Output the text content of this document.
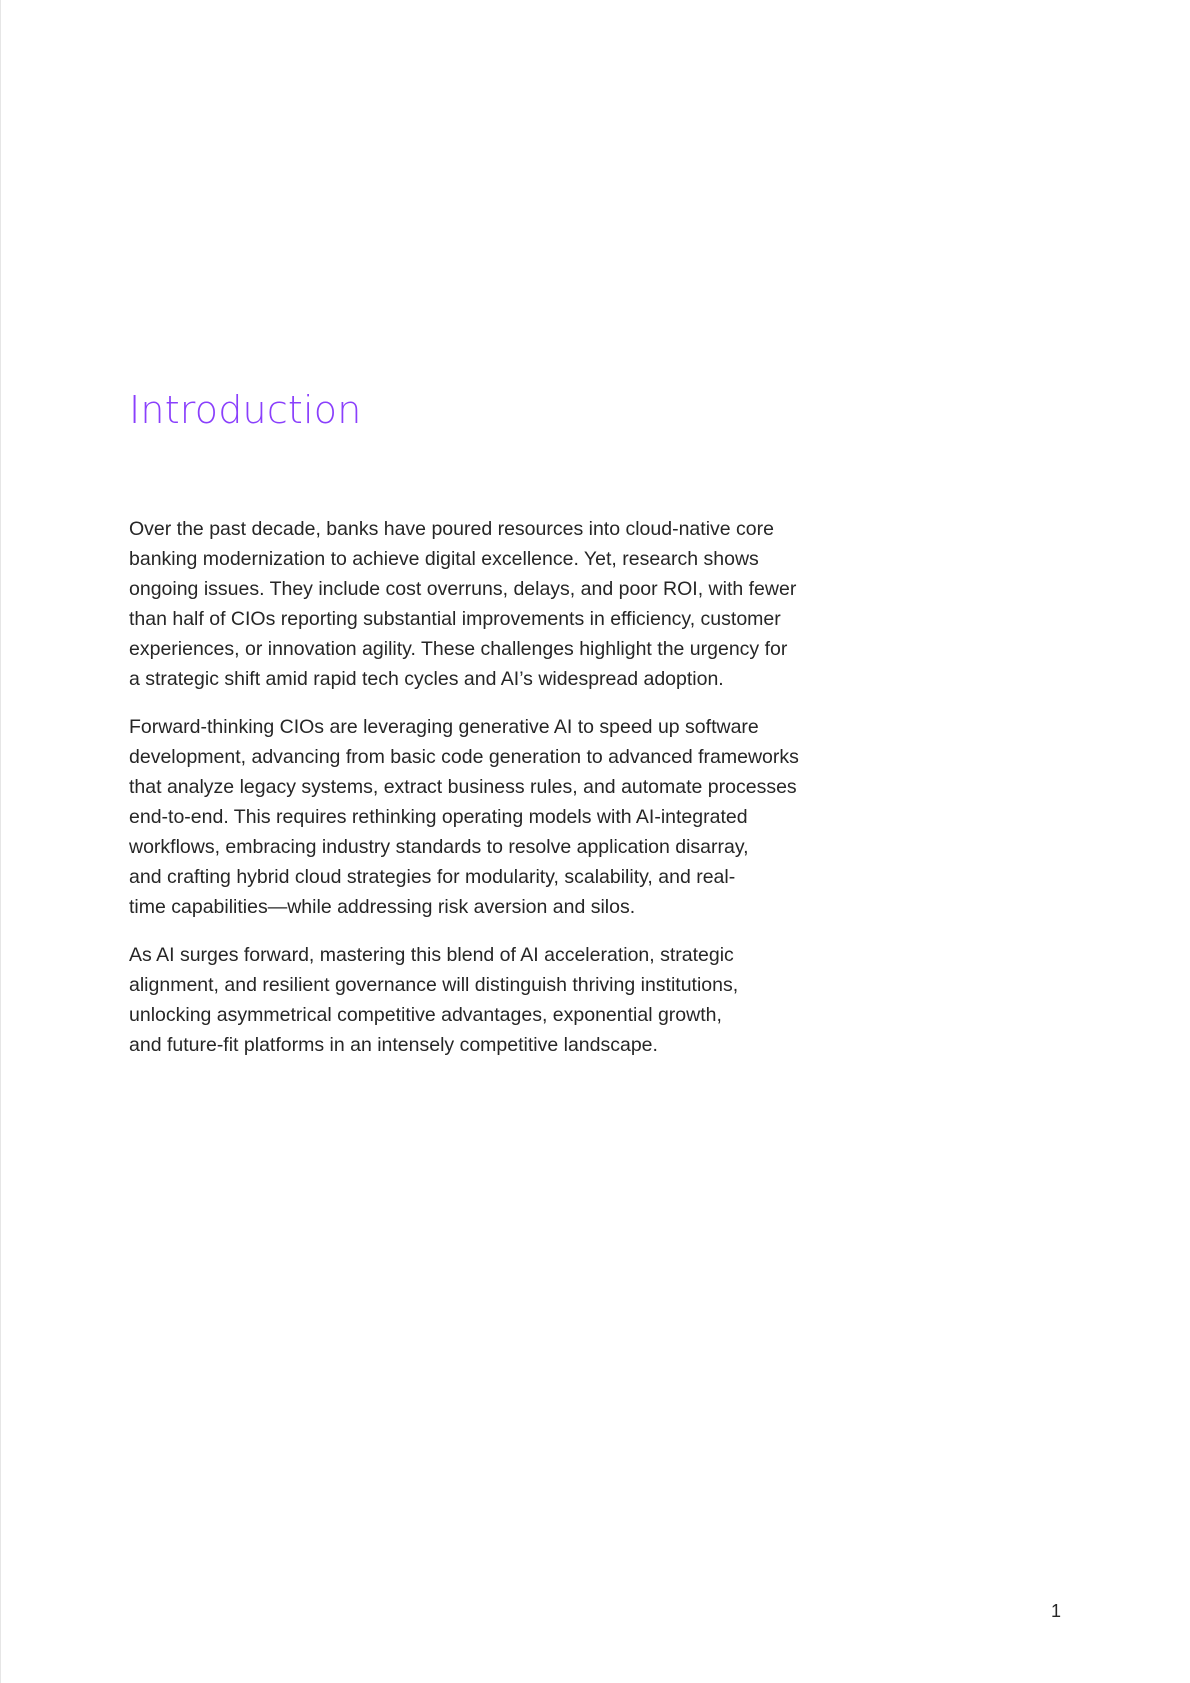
Introduction

Over the past decade, banks have poured resources into cloud-native core
banking modernization to achieve digital excellence. Yet, research shows
ongoing issues. They include cost overruns, delays, and poor ROI, with fewer
than half of CIOs reporting substantial improvements in efficiency, customer
experiences, or innovation agility. These challenges highlight the urgency for
a strategic shift amid rapid tech cycles and AI’s widespread adoption.

Forward-thinking CIOs are leveraging generative AI to speed up software
development, advancing from basic code generation to advanced frameworks
that analyze legacy systems, extract business rules, and automate processes
end-to-end. This requires rethinking operating models with AI-integrated
workflows, embracing industry standards to resolve application disarray,
and crafting hybrid cloud strategies for modularity, scalability, and real-
time capabilities—while addressing risk aversion and silos.

As AI surges forward, mastering this blend of AI acceleration, strategic
alignment, and resilient governance will distinguish thriving institutions,
unlocking asymmetrical competitive advantages, exponential growth,
and future-fit platforms in an intensely competitive landscape.

1
